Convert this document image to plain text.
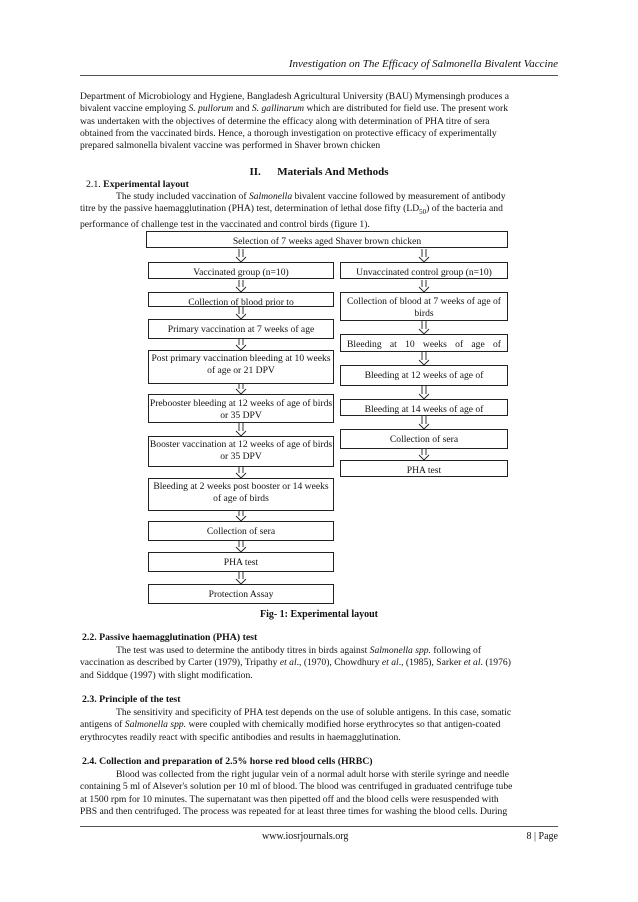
Investigation on The Efficacy of Salmonella Bivalent Vaccine
Department of Microbiology and Hygiene, Bangladesh Agricultural University (BAU) Mymensingh produces a
bivalent vaccine employing S. pullorum and S. gallinarum which are distributed for field use. The present work
was undertaken with the objectives of determine the efficacy along with determination of PHA titre of sera
obtained from the vaccinated birds. Hence, a thorough investigation on protective efficacy of experimentally
prepared salmonella bivalent vaccine was performed in Shaver brown chicken
II. Materials And Methods
2.1. Experimental layout
The study included vaccination of Salmonella bivalent vaccine followed by measurement of antibody
titre by the passive haemagglutination (PHA) test, determination of lethal dose fifty $(LD_{50})$ of the bacteria and
performance of challenge test in the vaccinated and control birds (figure 1).
Selection of 7 weeks aged Shaver brown chicken
Vaccinated group (n=10)
Collection of blood prior to
Primary vaccination at 7 weeks of age
Post primary vaccination bleeding at 10 weeks of age or 21 DPV
Prebooster bleeding at 12 weeks of age of birds or 35 DPV
Booster vaccination at 12 weeks of age of birds or 35 DPV
Bleeding at 2 weeks post booster or 14 weeks of age of birds
Collection of sera
PHA test
Protection Assay
Unvaccinated control group (n=10)
Collection of blood at 7 weeks of age of birds
Bleeding at 10 weeks of age of
Bleeding at 12 weeks of age of
Bleeding at 14 weeks of age of
Collection of sera
PHA test
Fig- 1: Experimental layout
2.2. Passive haemagglutination (PHA) test
The test was used to determine the antibody titres in birds against Salmonella spp. following of
vaccination as described by Carter (1979), Tripathy et al., (1970), Chowdhury et al., (1985), Sarker et al. (1976)
and Siddque (1997) with slight modification.
2.3. Principle of the test
The sensitivity and specificity of PHA test depends on the use of soluble antigens. In this case, somatic
antigens of Salmonella spp. were coupled with chemically modified horse erythrocytes so that antigen-coated
erythrocytes readily react with specific antibodies and results in haemagglutination.
2.4. Collection and preparation of 2.5% horse red blood cells (HRBC)
Blood was collected from the right jugular vein of a normal adult horse with sterile syringe and needle
containing 5 ml of Alsever's solution per 10 ml of blood. The blood was centrifuged in graduated centrifuge tube
at 1500 rpm for 10 minutes. The supernatant was then pipetted off and the blood cells were resuspended with
PBS and then centrifuged. The process was repeated for at least three times for washing the blood cells. During
www.iosrjournals.org	8 | Page
